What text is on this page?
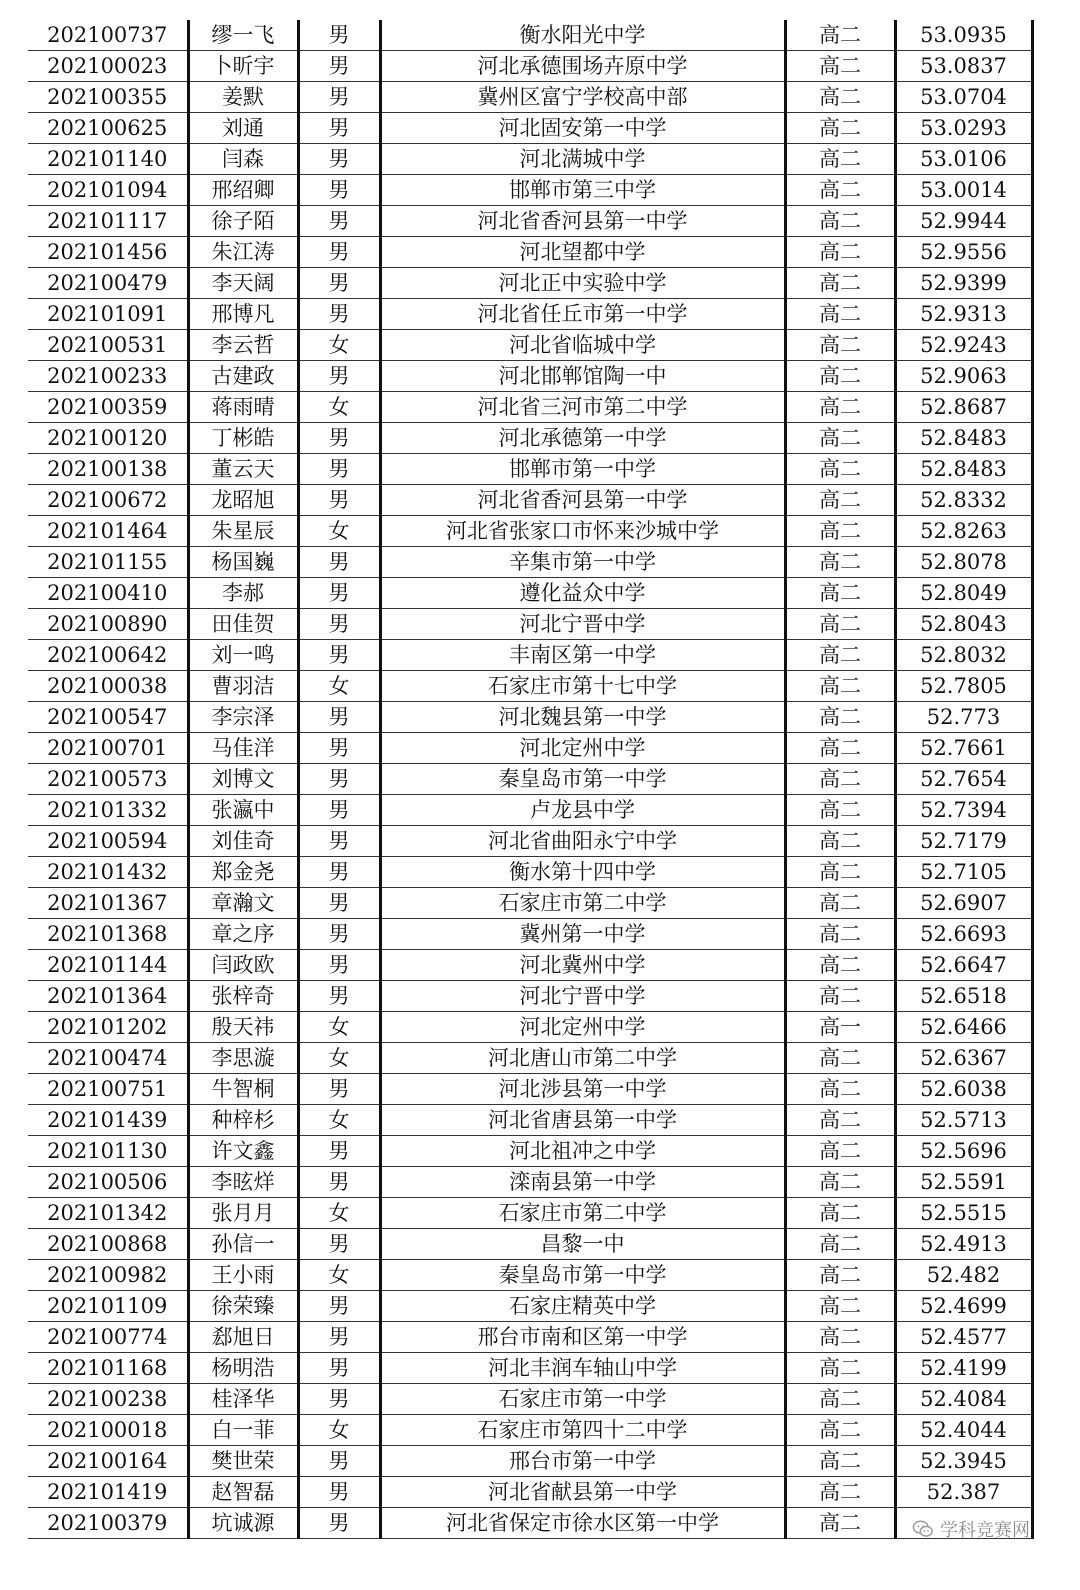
202100737	缪一飞	男	衡水阳光中学	高二	53.0935
202100023	卜昕宇	男	河北承德围场卉原中学	高二	53.0837
202100355	姜默	男	冀州区富宁学校高中部	高二	53.0704
202100625	刘通	男	河北固安第一中学	高二	53.0293
202101140	闫森	男	河北满城中学	高二	53.0106
202101094	邢绍卿	男	邯郸市第三中学	高二	53.0014
202101117	徐子陌	男	河北省香河县第一中学	高二	52.9944
202101456	朱江涛	男	河北望都中学	高二	52.9556
202100479	李天阔	男	河北正中实验中学	高二	52.9399
202101091	邢博凡	男	河北省任丘市第一中学	高二	52.9313
202100531	李云哲	女	河北省临城中学	高二	52.9243
202100233	古建政	男	河北邯郸馆陶一中	高二	52.9063
202100359	蒋雨晴	女	河北省三河市第二中学	高二	52.8687
202100120	丁彬皓	男	河北承德第一中学	高二	52.8483
202100138	董云天	男	邯郸市第一中学	高二	52.8483
202100672	龙昭旭	男	河北省香河县第一中学	高二	52.8332
202101464	朱星辰	女	河北省张家口市怀来沙城中学	高二	52.8263
202101155	杨国巍	男	辛集市第一中学	高二	52.8078
202100410	李郝	男	遵化益众中学	高二	52.8049
202100890	田佳贺	男	河北宁晋中学	高二	52.8043
202100642	刘一鸣	男	丰南区第一中学	高二	52.8032
202100038	曹羽洁	女	石家庄市第十七中学	高二	52.7805
202100547	李宗泽	男	河北魏县第一中学	高二	52.773
202100701	马佳洋	男	河北定州中学	高二	52.7661
202100573	刘博文	男	秦皇岛市第一中学	高二	52.7654
202101332	张瀛中	男	卢龙县中学	高二	52.7394
202100594	刘佳奇	男	河北省曲阳永宁中学	高二	52.7179
202101432	郑金尧	男	衡水第十四中学	高二	52.7105
202101367	章瀚文	男	石家庄市第二中学	高二	52.6907
202101368	章之序	男	冀州第一中学	高二	52.6693
202101144	闫政欧	男	河北冀州中学	高二	52.6647
202101364	张梓奇	男	河北宁晋中学	高二	52.6518
202101202	殷天祎	女	河北定州中学	高一	52.6466
202100474	李思漩	女	河北唐山市第二中学	高二	52.6367
202100751	牛智桐	男	河北涉县第一中学	高二	52.6038
202101439	种梓杉	女	河北省唐县第一中学	高二	52.5713
202101130	许文鑫	男	河北祖冲之中学	高二	52.5696
202100506	李昡烊	男	滦南县第一中学	高二	52.5591
202101342	张月月	女	石家庄市第二中学	高二	52.5515
202100868	孙信一	男	昌黎一中	高二	52.4913
202100982	王小雨	女	秦皇岛市第一中学	高二	52.482
202101109	徐荣臻	男	石家庄精英中学	高二	52.4699
202100774	郄旭日	男	邢台市南和区第一中学	高二	52.4577
202101168	杨明浩	男	河北丰润车轴山中学	高二	52.4199
202100238	桂泽华	男	石家庄市第一中学	高二	52.4084
202100018	白一菲	女	石家庄市第四十二中学	高二	52.4044
202100164	樊世荣	男	邢台市第一中学	高二	52.3945
202101419	赵智磊	男	河北省献县第一中学	高二	52.387
202100379	坑诚源	男	河北省保定市徐水区第一中学	高二		学科竞赛网
